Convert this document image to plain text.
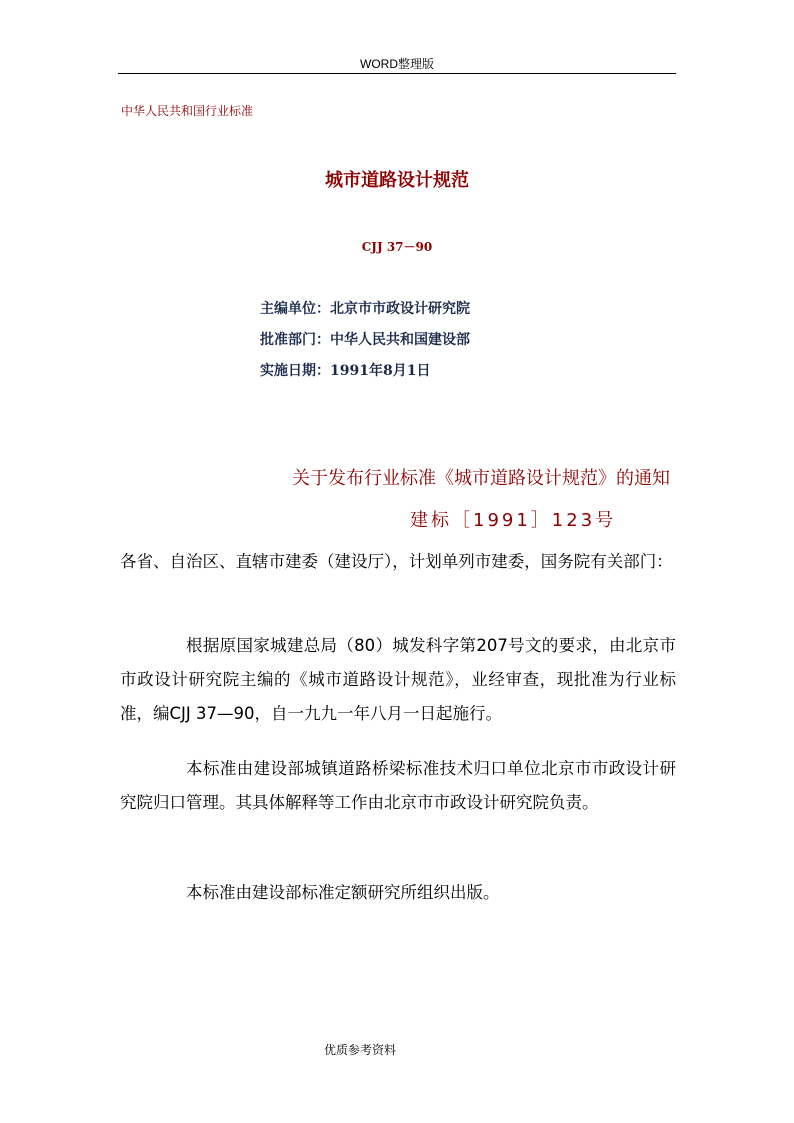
WORD整理版
中华人民共和国行业标准
城市道路设计规范
CJJ 37－90
主编单位：北京市市政设计研究院
批准部门：中华人民共和国建设部
实施日期：1991年8月1日
关于发布行业标准《城市道路设计规范》的通知
建标［1991］123号
各省、自治区、直辖市建委（建设厅），计划单列市建委，国务院有关部门：
根据原国家城建总局（80）城发科字第207号文的要求，由北京市市政设计研究院主编的《城市道路设计规范》，业经审查，现批准为行业标准，编CJJ 37—90，自一九九一年八月一日起施行。
本标准由建设部城镇道路桥梁标准技术归口单位北京市市政设计研究院归口管理。其具体解释等工作由北京市市政设计研究院负责。
本标准由建设部标准定额研究所组织出版。
优质参考资料
